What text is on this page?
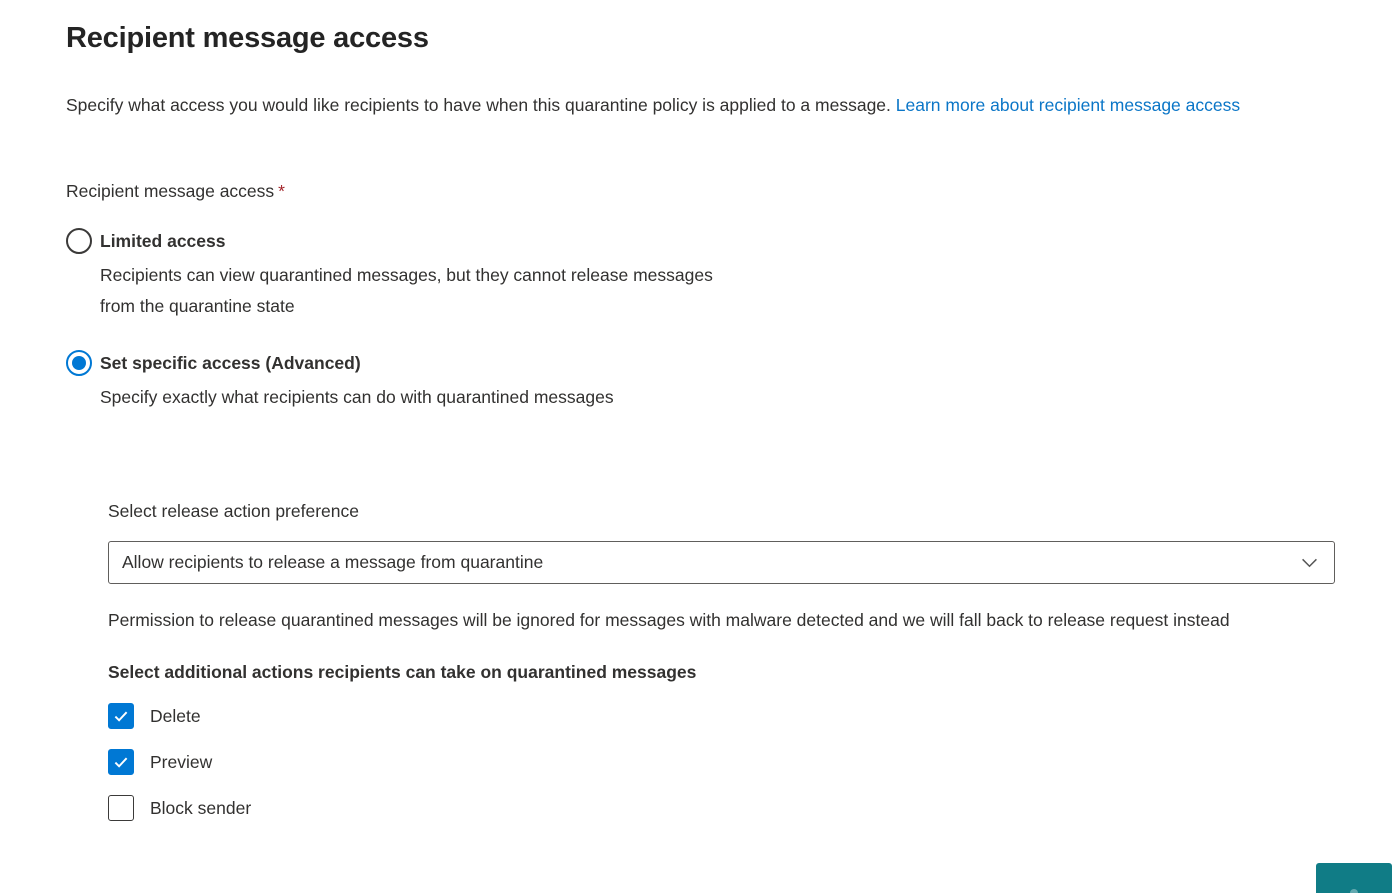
Recipient message access

Specify what access you would like recipients to have when this quarantine policy is applied to a message. Learn more about recipient message access

Recipient message access *
Limited access
Recipients can view quarantined messages, but they cannot release messages from the quarantine state
Set specific access (Advanced)
Specify exactly what recipients can do with quarantined messages
Select release action preference
Allow recipients to release a message from quarantine
Permission to release quarantined messages will be ignored for messages with malware detected and we will fall back to release request instead
Select additional actions recipients can take on quarantined messages
Delete
Preview
Block sender
